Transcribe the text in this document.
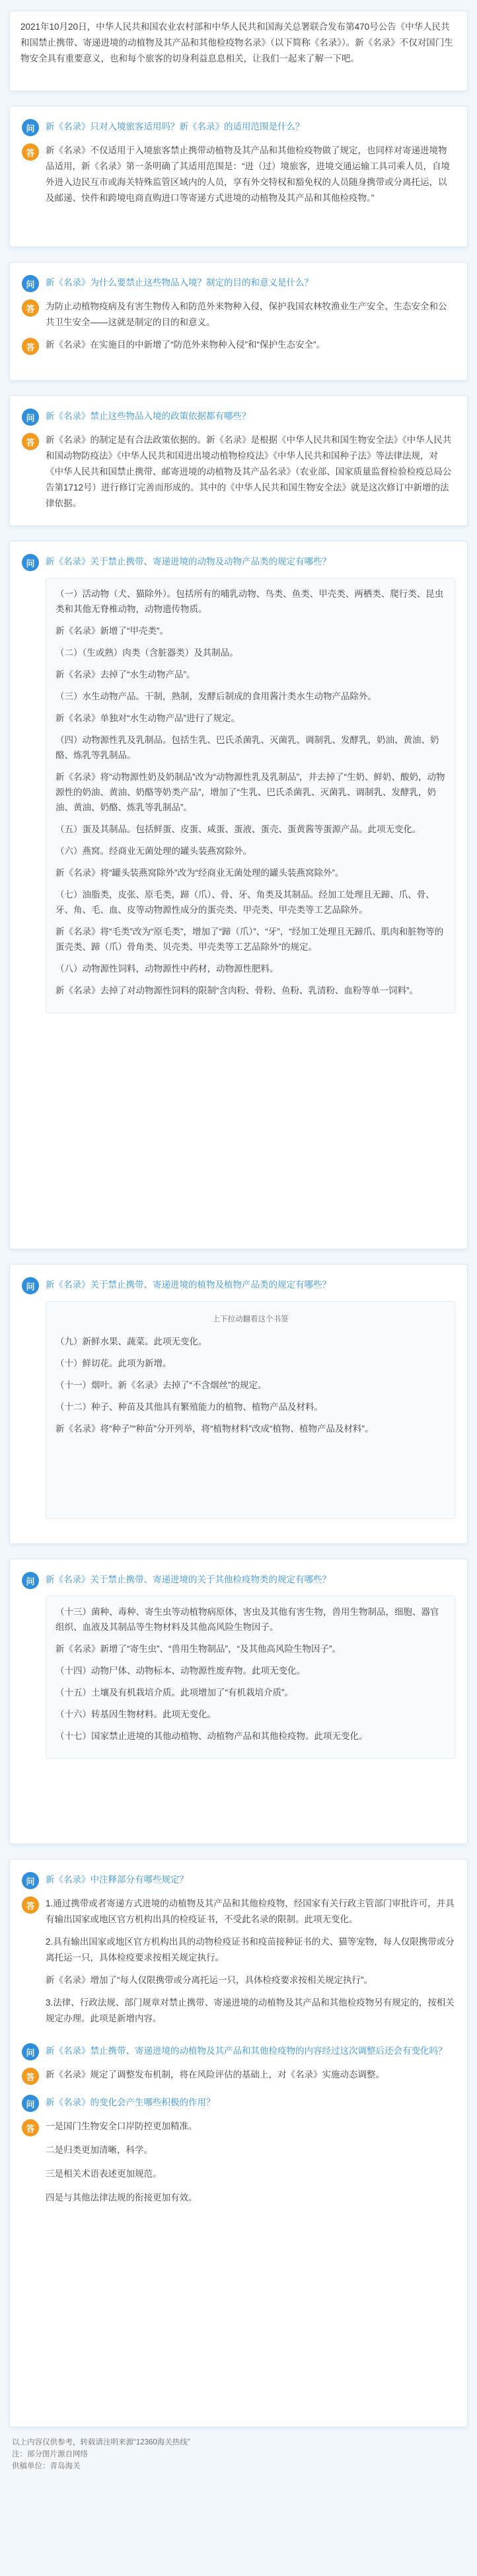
2021年10月20日，中华人民共和国农业农村部和中华人民共和国海关总署联合发布第470号公告《中华人民共和国禁止携带、寄递进境的动植物及其产品和其他检疫物名录》（以下简称《名录》）。新《名录》不仅对国门生物安全具有重要意义，也和每个旅客的切身利益息息相关，让我们一起来了解一下吧。

问	新《名录》只对入境旅客适用吗？新《名录》的适用范围是什么？
答	新《名录》不仅适用于入境旅客禁止携带动植物及其产品和其他检疫物做了规定，也同样对寄递进境物品适用，新《名录》第一条明确了其适用范围是：“进（过）境旅客，进境交通运输工具司乘人员，自境外进入边民互市或海关特殊监管区域内的人员，享有外交特权和豁免权的人员随身携带或分离托运，以及邮递、快件和跨境电商直购进口等寄递方式进境的动植物及其产品和其他检疫物。”
问	新《名录》为什么要禁止这些物品入境？制定的目的和意义是什么？
答	为防止动植物疫病及有害生物传入和防范外来物种入侵，保护我国农林牧渔业生产安全、生态安全和公共卫生安全——这就是制定的目的和意义。
答	新《名录》在实施目的中新增了“防范外来物种入侵”和“保护生态安全”。
问	新《名录》禁止这些物品入境的政策依据都有哪些？
答	新《名录》的制定是有合法政策依据的。新《名录》是根据《中华人民共和国生物安全法》《中华人民共和国动物防疫法》《中华人民共和国进出境动植物检疫法》《中华人民共和国种子法》等法律法规，对《中华人民共和国禁止携带、邮寄进境的动植物及其产品名录》（农业部、国家质量监督检验检疫总局公告第1712号）进行修订完善而形成的。其中的《中华人民共和国生物安全法》就是这次修订中新增的法律依据。
问	新《名录》关于禁止携带、寄递进境的动物及动物产品类的规定有哪些？

（一）活动物（犬、猫除外）。包括所有的哺乳动物、鸟类、鱼类、甲壳类、两栖类、爬行类、昆虫类和其他无脊椎动物，动物遗传物质。

新《名录》新增了“甲壳类”。

（二）（生或熟）肉类（含脏器类）及其制品。

新《名录》去掉了“水生动物产品”。

（三）水生动物产品。干制，熟制，发酵后制成的食用酱汁类水生动物产品除外。

新《名录》单独对“水生动物产品”进行了规定。

（四）动物源性乳及乳制品。包括生乳、巴氏杀菌乳、灭菌乳、调制乳、发酵乳，奶油、黄油、奶酪、炼乳等乳制品。

新《名录》将“动物源性奶及奶制品”改为“动物源性乳及乳制品”，并去掉了“生奶、鲜奶、酸奶，动物源性的奶油、黄油、奶酪等奶类产品”，增加了“生乳、巴氏杀菌乳、灭菌乳、调制乳、发酵乳，奶油、黄油、奶酪、炼乳等乳制品”。

（五）蛋及其制品。包括鲜蛋、皮蛋、咸蛋、蛋液、蛋壳、蛋黄酱等蛋源产品。此项无变化。

（六）燕窝。经商业无菌处理的罐头装燕窝除外。

新《名录》将“罐头装燕窝除外”改为“经商业无菌处理的罐头装燕窝除外”。

（七）油脂类，皮张、原毛类，蹄（爪）、骨、牙、角类及其制品。经加工处理且无蹄、爪、骨、牙、角、毛、血、皮等动物源性成分的蛋壳类、甲壳类、甲壳类等工艺品除外。

新《名录》将“毛类”改为“原毛类”，增加了“蹄（爪）”、“牙”，“经加工处理且无蹄爪、肌肉和脏物等的蛋壳类、蹄（爪）骨角类、贝壳类、甲壳类等工艺品除外”的规定。

（八）动物源性饲料，动物源性中药材，动物源性肥料。

新《名录》去掉了对动物源性饲料的限制“含肉粉、骨粉、鱼粉、乳清粉、血粉等单一饲料”。

问	新《名录》关于禁止携带、寄递进境的植物及植物产品类的规定有哪些？
上下拉动翻看这个书签

（九）新鲜水果、蔬菜。此项无变化。

（十）鲜切花。此项为新增。

（十一）烟叶。新《名录》去掉了“不含烟丝”的规定。

（十二）种子、种苗及其他具有繁殖能力的植物、植物产品及材料。

新《名录》将“种子”“种苗”分开列举，将“植物材料”改成“植物、植物产品及材料”。

问	新《名录》关于禁止携带、寄递进境的关于其他检疫物类的规定有哪些？

（十三）菌种、毒种、寄生虫等动植物病原体，害虫及其他有害生物，兽用生物制品，细胞、器官组织、血液及其制品等生物材料及其他高风险生物因子。

新《名录》新增了“寄生虫”、“兽用生物制品”，“及其他高风险生物因子”。

（十四）动物尸体、动物标本、动物源性废弃物。此项无变化。

（十五）土壤及有机栽培介质。此项增加了“有机栽培介质”。

（十六）转基因生物材料。此项无变化。

（十七）国家禁止进境的其他动植物、动植物产品和其他检疫物。此项无变化。

问	新《名录》中注释部分有哪些规定？
答	1.通过携带或者寄递方式进境的动植物及其产品和其他检疫物，经国家有关行政主管部门审批许可，并具有输出国家或地区官方机构出具的检疫证书，不受此名录的限制。此项无变化。

2.具有输出国家或地区官方机构出具的动物检疫证书和疫苗接种证书的犬、猫等宠物，每人仅限携带或分离托运一只，具体检疫要求按相关规定执行。

新《名录》增加了“每人仅限携带或分离托运一只，具体检疫要求按相关规定执行”。

3.法律、行政法规、部门规章对禁止携带、寄递进境的动植物及其产品和其他检疫物另有规定的，按相关规定办理。此项是新增内容。

问	新《名录》禁止携带、寄递进境的动植物及其产品和其他检疫物的内容经过这次调整后还会有变化吗？
答	新《名录》规定了调整发布机制，将在风险评估的基础上，对《名录》实施动态调整。
问	新《名录》的变化会产生哪些积极的作用？
答	一是国门生物安全口岸防控更加精准。

二是归类更加清晰，科学。

三是相关术语表述更加规范。

四是与其他法律法规的衔接更加有效。

以上内容仅供参考，转载请注明来源“12360海关热线”

注：部分图片源自网络

供稿单位：青岛海关
